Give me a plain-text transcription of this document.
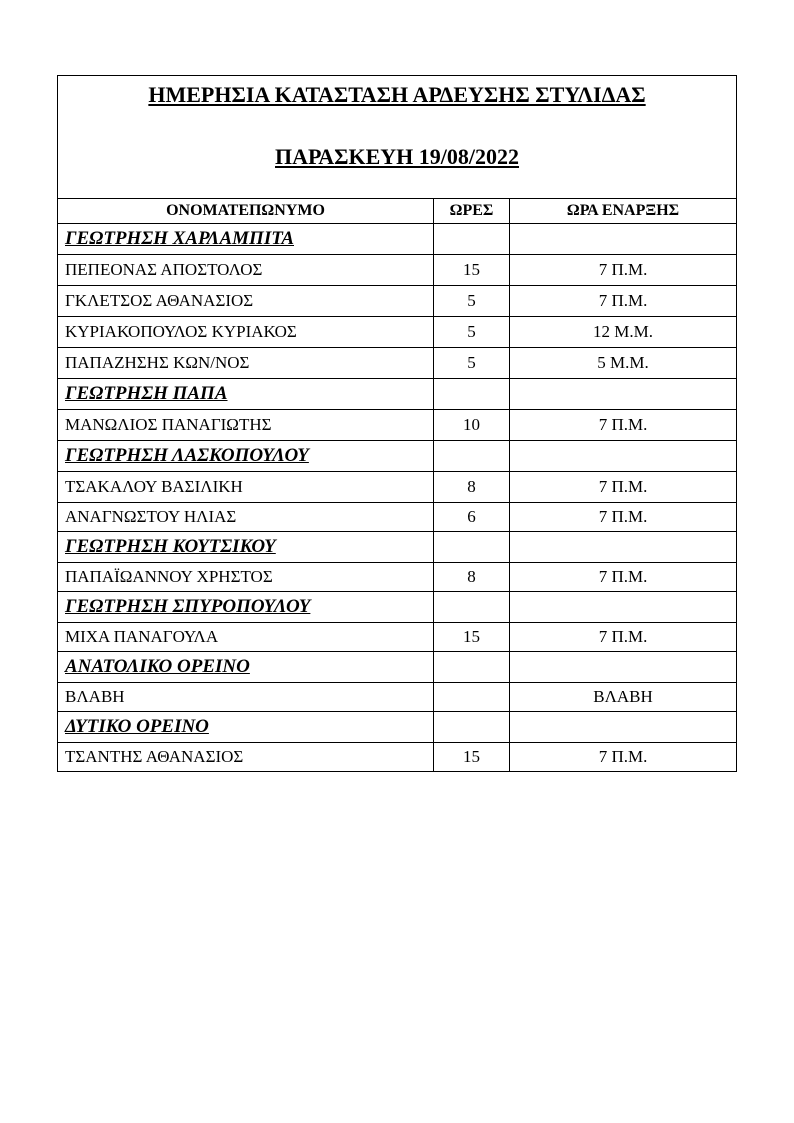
ΗΜΕΡΗΣΙΑ ΚΑΤΑΣΤΑΣΗ ΑΡΔΕΥΣΗΣ ΣΤΥΛΙΔΑΣ
ΠΑΡΑΣΚΕΥΗ 19/08/2022		

ΟΝΟΜΑΤΕΠΩΝΥΜΟ	ΩΡΕΣ	ΩΡΑ ΕΝΑΡΞΗΣ
ΓΕΩΤΡΗΣΗ ΧΑΡΛΑΜΠΙΤΑ		
ΠΕΠΕΟΝΑΣ ΑΠΟΣΤΟΛΟΣ	15	7 Π.Μ.
ΓΚΛΕΤΣΟΣ ΑΘΑΝΑΣΙΟΣ	5	7 Π.Μ.
ΚΥΡΙΑΚΟΠΟΥΛΟΣ ΚΥΡΙΑΚΟΣ	5	12 Μ.Μ.
ΠΑΠΑΖΗΣΗΣ ΚΩΝ/ΝΟΣ	5	5 Μ.Μ.
ΓΕΩΤΡΗΣΗ ΠΑΠΑ		
ΜΑΝΩΛΙΟΣ ΠΑΝΑΓΙΩΤΗΣ	10	7 Π.Μ.
ΓΕΩΤΡΗΣΗ ΛΑΣΚΟΠΟΥΛΟΥ		
ΤΣΑΚΑΛΟΥ ΒΑΣΙΛΙΚΗ	8	7 Π.Μ.
ΑΝΑΓΝΩΣΤΟΥ ΗΛΙΑΣ	6	7 Π.Μ.
ΓΕΩΤΡΗΣΗ ΚΟΥΤΣΙΚΟΥ		
ΠΑΠΑΪΩΑΝΝΟΥ ΧΡΗΣΤΟΣ	8	7 Π.Μ.
ΓΕΩΤΡΗΣΗ ΣΠΥΡΟΠΟΥΛΟΥ		
ΜΙΧΑ ΠΑΝΑΓΟΥΛΑ	15	7 Π.Μ.
ΑΝΑΤΟΛΙΚΟ ΟΡΕΙΝΟ		
ΒΛΑΒΗ		ΒΛΑΒΗ
ΔΥΤΙΚΟ ΟΡΕΙΝΟ		
ΤΣΑΝΤΗΣ ΑΘΑΝΑΣΙΟΣ	15	7 Π.Μ.
